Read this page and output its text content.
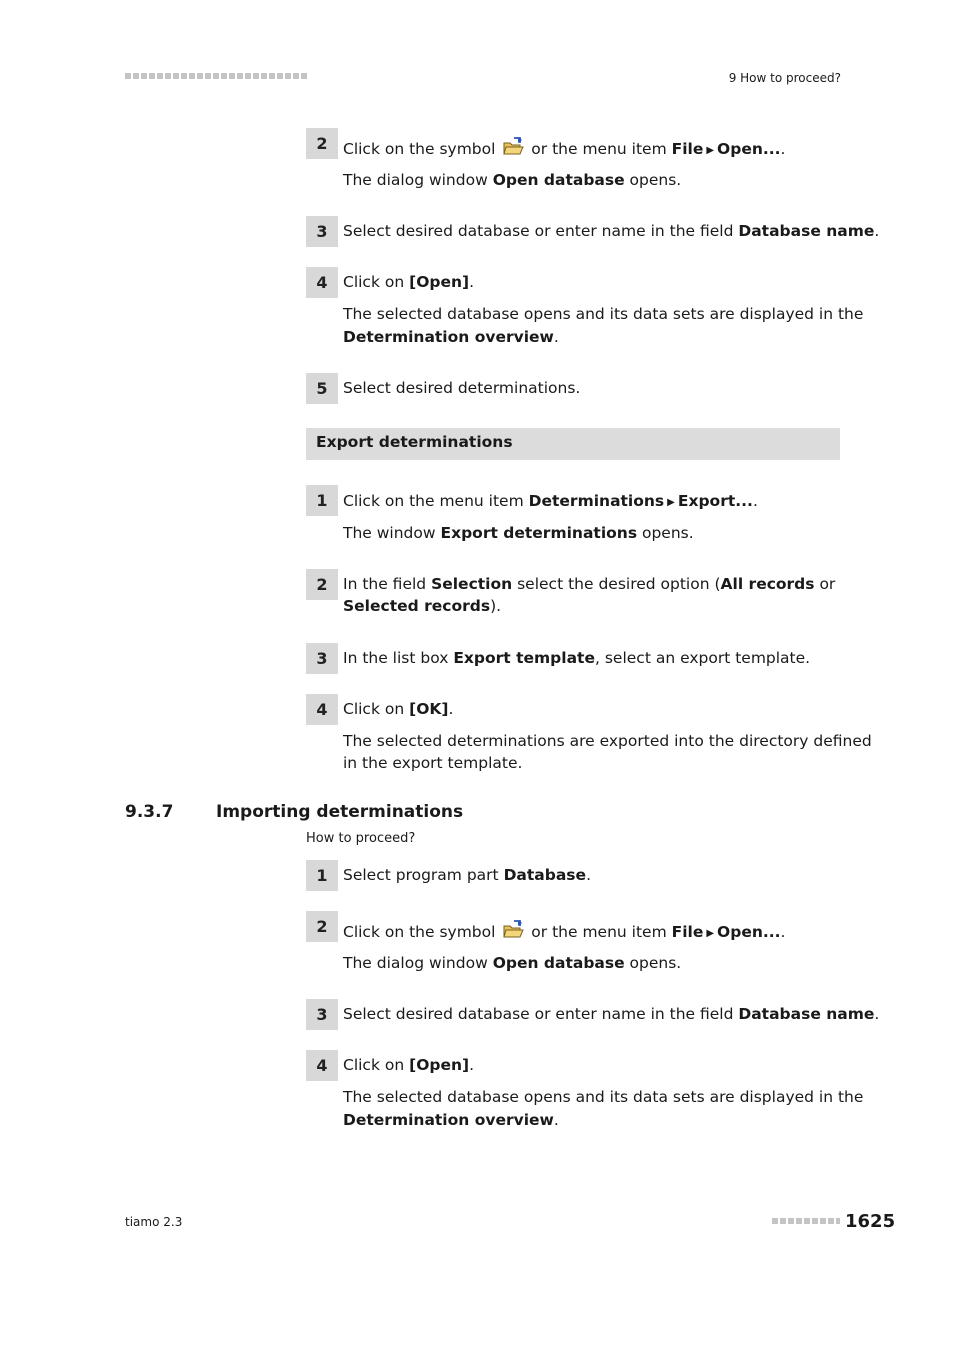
9 How to proceed?
2 Click on the symbol  or the menu item File ▶ Open....
The dialog window Open database opens.
3 Select desired database or enter name in the field Database name.
4 Click on [Open].
The selected database opens and its data sets are displayed in the
Determination overview.
5 Select desired determinations.
Export determinations
1 Click on the menu item Determinations ▶ Export....
The window Export determinations opens.
2 In the field Selection select the desired option (All records or
Selected records).
3 In the list box Export template, select an export template.
4 Click on [OK].
The selected determinations are exported into the directory defined
in the export template.
9.3.7	Importing determinations
How to proceed?
1 Select program part Database.
2 Click on the symbol  or the menu item File ▶ Open....
The dialog window Open database opens.
3 Select desired database or enter name in the field Database name.
4 Click on [Open].
The selected database opens and its data sets are displayed in the
Determination overview.
tiamo 2.3	1625
